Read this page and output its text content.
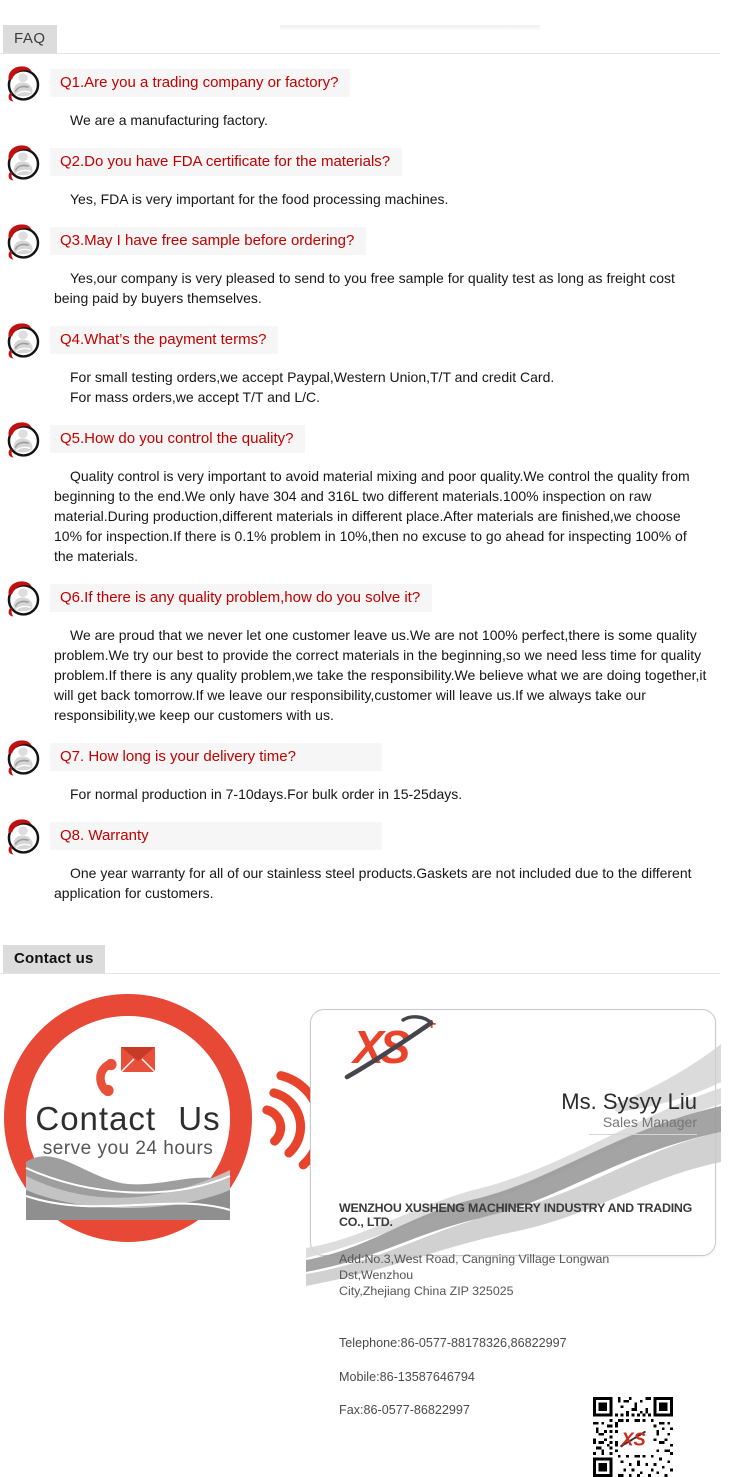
FAQ
Q1.Are you a trading company or factory?

We are a manufacturing factory.

Q2.Do you have FDA certificate for the materials?

Yes, FDA is very important for the food processing machines.

Q3.May I have free sample before ordering?

Yes,our company is very pleased to send to you free sample for quality test as long as freight cost being paid by buyers themselves.

Q4.What’s the payment terms?

For small testing orders,we accept Paypal,Western Union,T/T and credit Card.

For mass orders,we accept T/T and L/C.

Q5.How do you control the quality?

Quality control is very important to avoid material mixing and poor quality.We control the quality from beginning to the end.We only have 304 and 316L two different materials.100% inspection on raw material.During production,different materials in different place.After materials are finished,we choose 10% for inspection.If there is 0.1% problem in 10%,then no excuse to go ahead for inspecting 100% of the materials.

Q6.If there is any quality problem,how do you solve it?

We are proud that we never let one customer leave us.We are not 100% perfect,there is some quality problem.We try our best to provide the correct materials in the beginning,so we need less time for quality problem.If there is any quality problem,we take the responsibility.We believe what we are doing together,it will get back tomorrow.If we leave our responsibility,customer will leave us.If we always take our responsibility,we keep our customers with us.

Q7. How long is your delivery time?

For normal production in 7-10days.For bulk order in 15-25days.

Q8. Warranty

One year warranty for all of our stainless steel products.Gaskets are not included due to the different application for customers.

Contact us
Contact Us
serve you 24 hours
XS +
Ms. Sysyy Liu
Sales Manager
WENZHOU XUSHENG MACHINERY INDUSTRY AND TRADING CO., LTD.
Add:No.3,West Road, Cangning Village Longwan Dst,Wenzhou
City,Zhejiang China ZIP 325025
Telephone:86-0577-88178326,86822997
Mobile:86-13587646794
Fax:86-0577-86822997
XS
